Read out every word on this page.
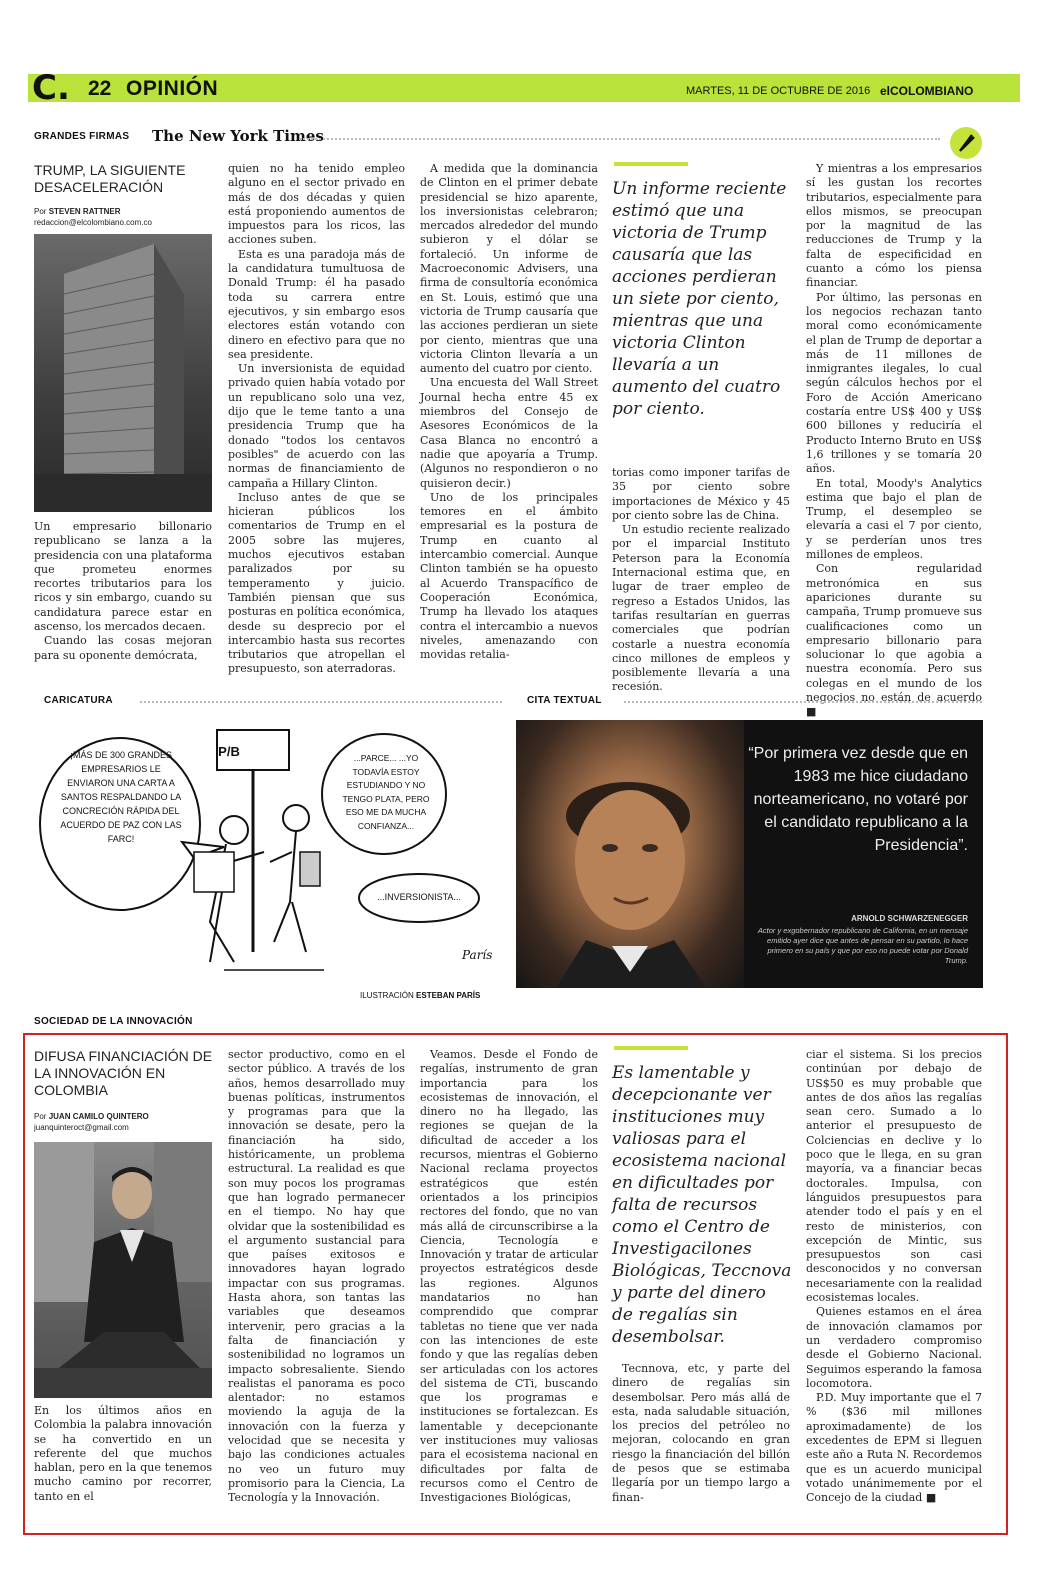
C. 22 OPINIÓN	MARTES, 11 DE OCTUBRE DE 2016 elCOLOMBIANO
GRANDES FIRMAS The New York Times
TRUMP, LA SIGUIENTE DESACELERACIÓN
Por STEVEN RATTNER
redaccion@elcolombiano.com.co

Un empresario billonario republicano se lanza a la presidencia con una plataforma que prometeu enormes recortes tributarios para los ricos y sin embargo, cuando su candidatura parece estar en ascenso, los mercados decaen.

Cuando las cosas mejoran para su oponente demócrata,

quien no ha tenido empleo alguno en el sector privado en más de dos décadas y quien está proponiendo aumentos de impuestos para los ricos, las acciones suben.

Esta es una paradoja más de la candidatura tumultuosa de Donald Trump: él ha pasado toda su carrera entre ejecutivos, y sin embargo esos electores están votando con dinero en efectivo para que no sea presidente.

Un inversionista de equidad privado quien había votado por un republicano solo una vez, dijo que le teme tanto a una presidencia Trump que ha donado "todos los centavos posibles" de acuerdo con las normas de financiamiento de campaña a Hillary Clinton.

Incluso antes de que se hicieran públicos los comentarios de Trump en el 2005 sobre las mujeres, muchos ejecutivos estaban paralizados por su temperamento y juicio. También piensan que sus posturas en política económica, desde su desprecio por el intercambio hasta sus recortes tributarios que atropellan el presupuesto, son aterradoras.

A medida que la dominancia de Clinton en el primer debate presidencial se hizo aparente, los inversionistas celebraron; mercados alrededor del mundo subieron y el dólar se fortaleció. Un informe de Macroeconomic Advisers, una firma de consultoría económica en St. Louis, estimó que una victoria de Trump causaría que las acciones perdieran un siete por ciento, mientras que una victoria Clinton llevaría a un aumento del cuatro por ciento.

Una encuesta del Wall Street Journal hecha entre 45 ex miembros del Consejo de Asesores Económicos de la Casa Blanca no encontró a nadie que apoyaría a Trump. (Algunos no respondieron o no quisieron decir.)

Uno de los principales temores en el ámbito empresarial es la postura de Trump en cuanto al intercambio comercial. Aunque Clinton también se ha opuesto al Acuerdo Transpacífico de Cooperación Económica, Trump ha llevado los ataques contra el intercambio a nuevos niveles, amenazando con movidas retalia-

Un informe reciente estimó que una victoria de Trump causaría que las acciones perdieran un siete por ciento, mientras que una victoria Clinton llevaría a un aumento del cuatro por ciento.

torias como imponer tarifas de 35 por ciento sobre importaciones de México y 45 por ciento sobre las de China.

Un estudio reciente realizado por el imparcial Instituto Peterson para la Economía Internacional estima que, en lugar de traer empleo de regreso a Estados Unidos, las tarifas resultarían en guerras comerciales que podrían costarle a nuestra economía cinco millones de empleos y posiblemente llevaría a una recesión.

Y mientras a los empresarios sí les gustan los recortes tributarios, especialmente para ellos mismos, se preocupan por la magnitud de las reducciones de Trump y la falta de especificidad en cuanto a cómo los piensa financiar.

Por último, las personas en los negocios rechazan tanto moral como económicamente el plan de Trump de deportar a más de 11 millones de inmigrantes ilegales, lo cual según cálculos hechos por el Foro de Acción Americano costaría entre US$ 400 y US$ 600 billones y reduciría el Producto Interno Bruto en US$ 1,6 trillones y se tomaría 20 años.

En total, Moody's Analytics estima que bajo el plan de Trump, el desempleo se elevaría a casi el 7 por ciento, y se perderían unos tres millones de empleos.

Con regularidad metronómica en sus apariciones durante su campaña, Trump promueve sus cualificaciones como un empresario billonario para solucionar lo que agobia a nuestra economía. Pero sus colegas en el mundo de los negocios no están de acuerdo ■

CARICATURA
P/B
¡MÁS DE 300 GRANDES EMPRESARIOS LE ENVIARON UNA CARTA A SANTOS RESPALDANDO LA CONCRECIÓN RÁPIDA DEL ACUERDO DE PAZ CON LAS FARC!
...PARCE... ...YO TODAVÍA ESTOY ESTUDIANDO Y NO TENGO PLATA, PERO ESO ME DA MUCHA CONFIANZA...
...INVERSIONISTA...
París
ILUSTRACIÓN ESTEBAN PARÍS
CITA TEXTUAL
“Por primera vez desde que en 1983 me hice ciudadano norteamericano, no votaré por el candidato republicano a la Presidencia”.
ARNOLD SCHWARZENEGGER
Actor y exgobernador republicano de California, en un mensaje emitido ayer dice que antes de pensar en su partido, lo hace primero en su país y que por eso no puede votar por Donald Trump.
SOCIEDAD DE LA INNOVACIÓN
DIFUSA FINANCIACIÓN DE LA INNOVACIÓN EN COLOMBIA
Por JUAN CAMILO QUINTERO
juanquinteroct@gmail.com

En los últimos años en Colombia la palabra innovación se ha convertido en un referente del que muchos hablan, pero en la que tenemos mucho camino por recorrer, tanto en el

sector productivo, como en el sector público. A través de los años, hemos desarrollado muy buenas políticas, instrumentos y programas para que la innovación se desate, pero la financiación ha sido, históricamente, un problema estructural. La realidad es que son muy pocos los programas que han logrado permanecer en el tiempo. No hay que olvidar que la sostenibilidad es el argumento sustancial para que países exitosos e innovadores hayan logrado impactar con sus programas. Hasta ahora, son tantas las variables que deseamos intervenir, pero gracias a la falta de financiación y sostenibilidad no logramos un impacto sobresaliente. Siendo realistas el panorama es poco alentador: no estamos moviendo la aguja de la innovación con la fuerza y velocidad que se necesita y bajo las condiciones actuales no veo un futuro muy promisorio para la Ciencia, La Tecnología y la Innovación.

Veamos. Desde el Fondo de regalías, instrumento de gran importancia para los ecosistemas de innovación, el dinero no ha llegado, las regiones se quejan de la dificultad de acceder a los recursos, mientras el Gobierno Nacional reclama proyectos estratégicos que estén orientados a los principios rectores del fondo, que no van más allá de circunscribirse a la Ciencia, Tecnología e Innovación y tratar de articular proyectos estratégicos desde las regiones. Algunos mandatarios no han comprendido que comprar tabletas no tiene que ver nada con las intenciones de este fondo y que las regalías deben ser articuladas con los actores del sistema de CTi, buscando que los programas e instituciones se fortalezcan. Es lamentable y decepcionante ver instituciones muy valiosas para el ecosistema nacional en dificultades por falta de recursos como el Centro de Investigaciones Biológicas,

Es lamentable y decepcionante ver instituciones muy valiosas para el ecosistema nacional en dificultades por falta de recursos como el Centro de Investigacilones Biológicas, Teccnova y parte del dinero de regalías sin desembolsar.

Tecnnova, etc, y parte del dinero de regalías sin desembolsar. Pero más allá de esta, nada saludable situación, los precios del petróleo no mejoran, colocando en gran riesgo la financiación del billón de pesos que se estimaba llegaría por un tiempo largo a finan-

ciar el sistema. Si los precios continúan por debajo de US$50 es muy probable que antes de dos años las regalías sean cero. Sumado a lo anterior el presupuesto de Colciencias en declive y lo poco que le llega, en su gran mayoría, va a financiar becas doctorales. Impulsa, con lánguidos presupuestos para atender todo el país y en el resto de ministerios, con excepción de Mintic, sus presupuestos son casi desconocidos y no conversan necesariamente con la realidad ecosistemas locales.

Quienes estamos en el área de innovación clamamos por un verdadero compromiso desde el Gobierno Nacional. Seguimos esperando la famosa locomotora.

P.D. Muy importante que el 7 % ($36 mil millones aproximadamente) de los excedentes de EPM si lleguen este año a Ruta N. Recordemos que es un acuerdo municipal votado unánimemente por el Concejo de la ciudad ■
